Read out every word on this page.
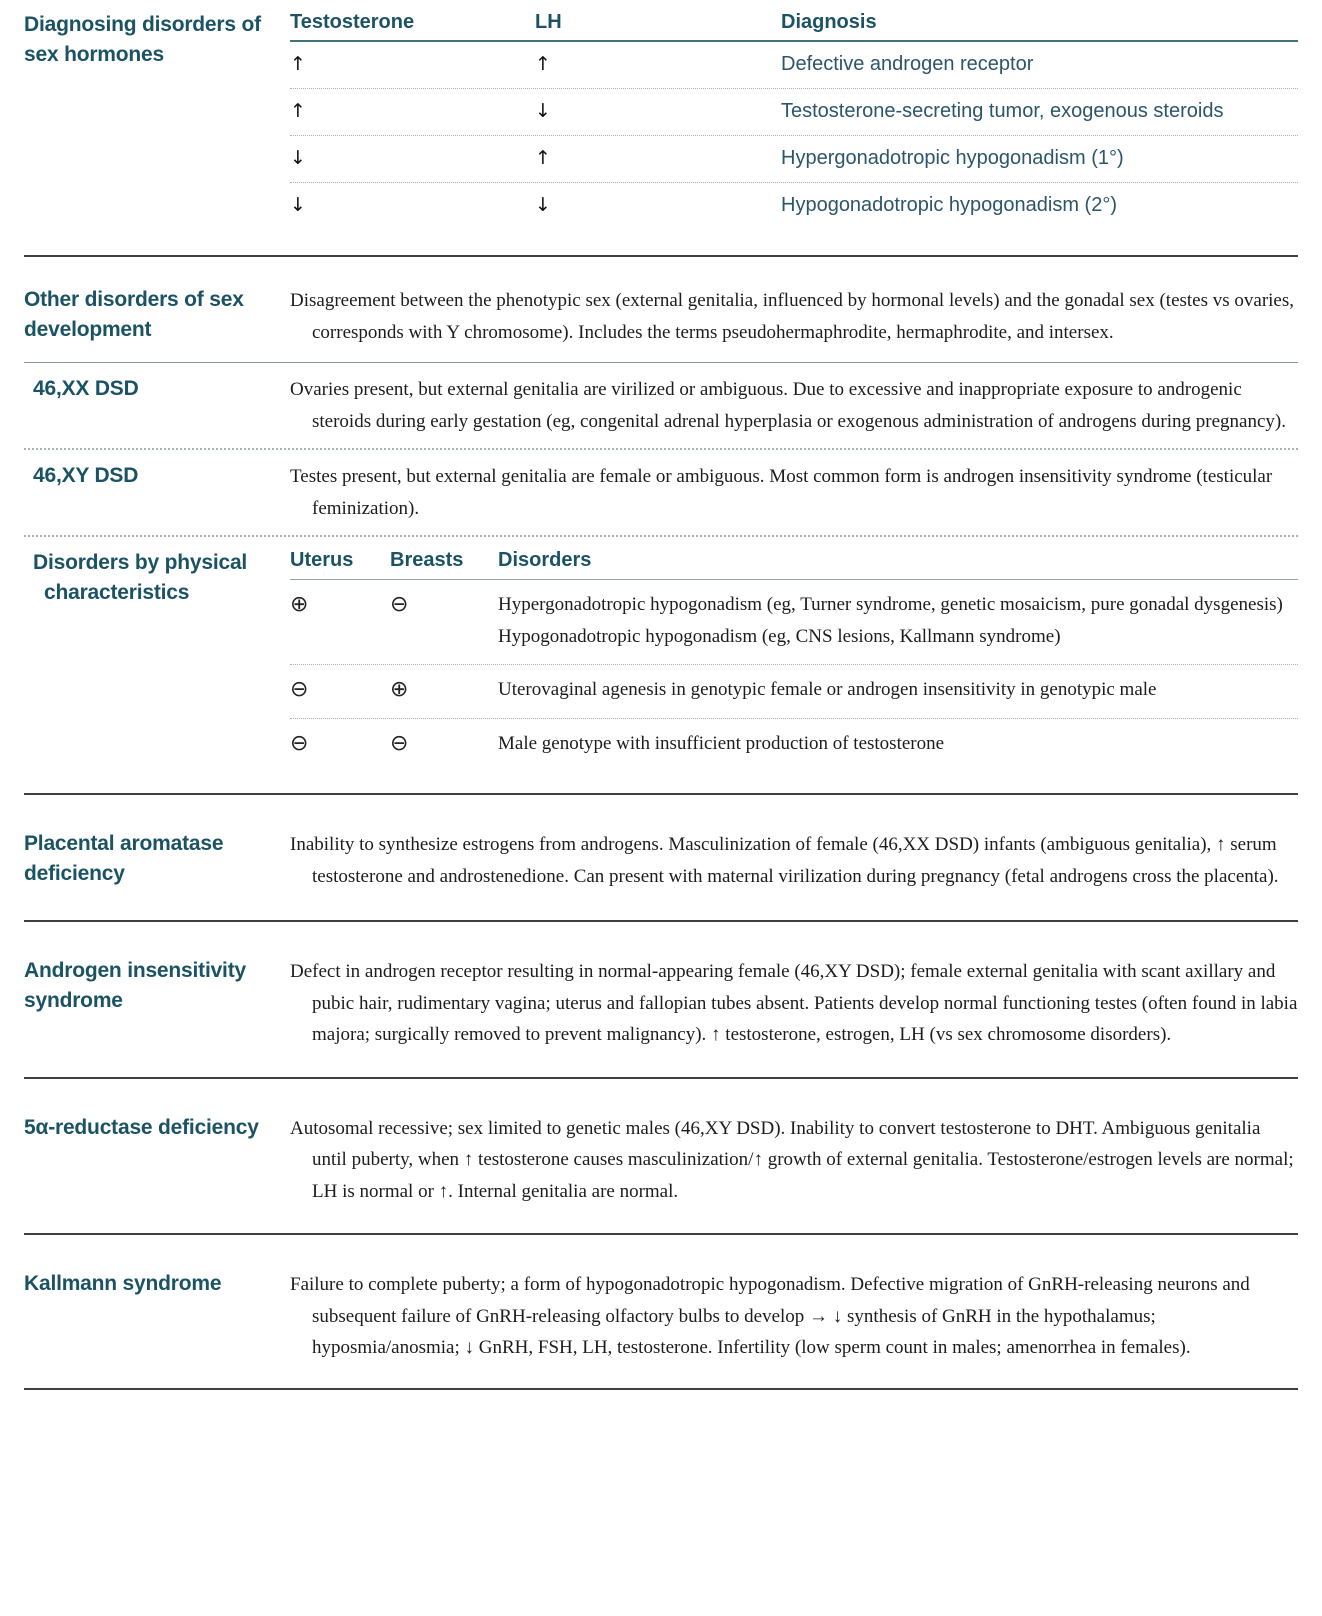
Diagnosing disorders of sex hormones
Testosterone	LH	Diagnosis
↑	↑	Defective androgen receptor
↑	↓	Testosterone-secreting tumor, exogenous steroids
↓	↑	Hypergonadotropic hypogonadism (1°)
↓	↓	Hypogonadotropic hypogonadism (2°)
Other disorders of sex development

Disagreement between the phenotypic sex (external genitalia, influenced by hormonal levels) and the gonadal sex (testes vs ovaries, corresponds with Y chromosome). Includes the terms pseudohermaphrodite, hermaphrodite, and intersex.

46,XX DSD	Ovaries present, but external genitalia are virilized or ambiguous. Due to excessive and inappropriate exposure to androgenic steroids during early gestation (eg, congenital adrenal hyperplasia or exogenous administration of androgens during pregnancy).

46,XY DSD	Testes present, but external genitalia are female or ambiguous. Most common form is androgen insensitivity syndrome (testicular feminization).

Disorders by physical characteristics
Uterus	Breasts	Disorders
⊕	⊖	Hypergonadotropic hypogonadism (eg, Turner syndrome, genetic mosaicism, pure gonadal dysgenesis)
Hypogonadotropic hypogonadism (eg, CNS lesions, Kallmann syndrome)
⊖	⊕	Uterovaginal agenesis in genotypic female or androgen insensitivity in genotypic male
⊖	⊖	Male genotype with insufficient production of testosterone
Placental aromatase deficiency

Inability to synthesize estrogens from androgens. Masculinization of female (46,XX DSD) infants (ambiguous genitalia), ↑ serum testosterone and androstenedione. Can present with maternal virilization during pregnancy (fetal androgens cross the placenta).

Androgen insensitivity syndrome

Defect in androgen receptor resulting in normal-appearing female (46,XY DSD); female external genitalia with scant axillary and pubic hair, rudimentary vagina; uterus and fallopian tubes absent. Patients develop normal functioning testes (often found in labia majora; surgically removed to prevent malignancy). ↑ testosterone, estrogen, LH (vs sex chromosome disorders).

5α-reductase deficiency	Autosomal recessive; sex limited to genetic males (46,XY DSD). Inability to convert testosterone to DHT. Ambiguous genitalia until puberty, when ↑ testosterone causes masculinization/↑ growth of external genitalia. Testosterone/estrogen levels are normal; LH is normal or ↑. Internal genitalia are normal.

Kallmann syndrome	Failure to complete puberty; a form of hypogonadotropic hypogonadism. Defective migration of GnRH-releasing neurons and subsequent failure of GnRH-releasing olfactory bulbs to develop → ↓ synthesis of GnRH in the hypothalamus; hyposmia/anosmia; ↓ GnRH, FSH, LH, testosterone. Infertility (low sperm count in males; amenorrhea in females).
